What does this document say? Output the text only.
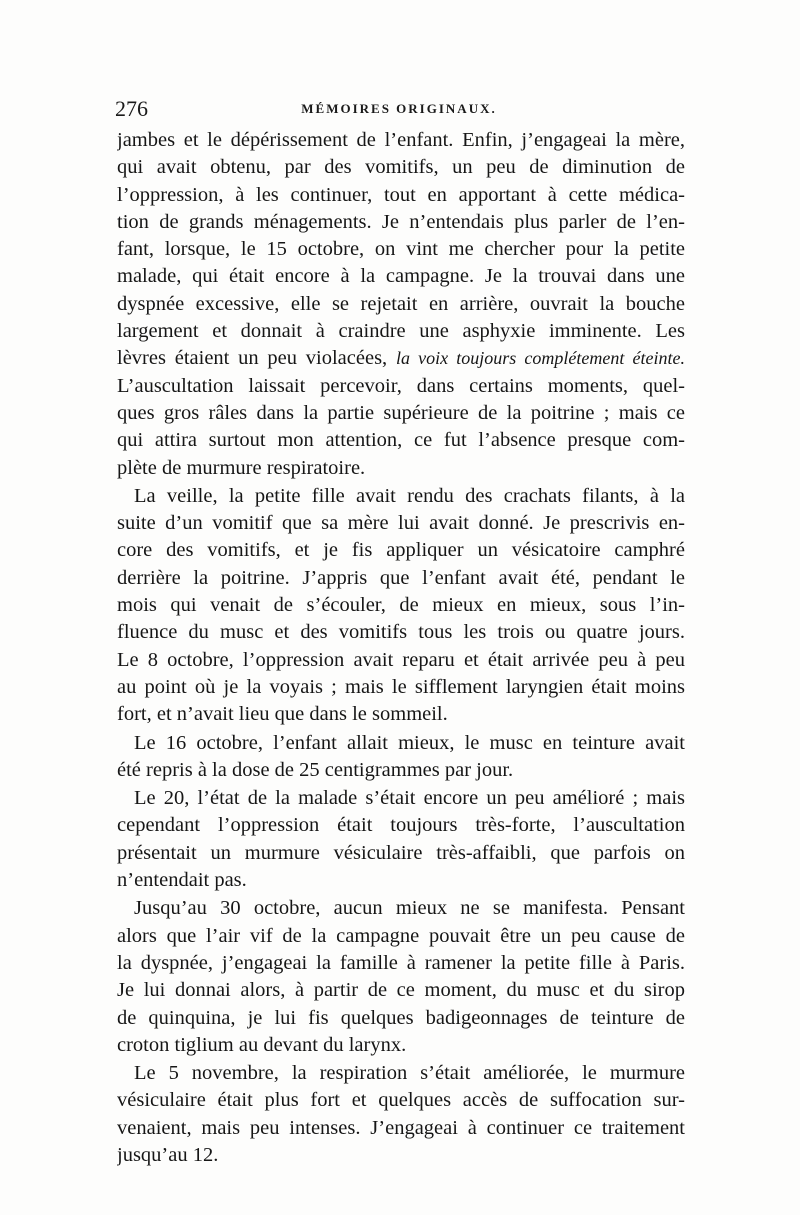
276	MÉMOIRES ORIGINAUX.
jambes et le dépérissement de l’enfant. Enfin, j’engageai la mère,
qui avait obtenu, par des vomitifs, un peu de diminution de
l’oppression, à les continuer, tout en apportant à cette médica-
tion de grands ménagements. Je n’entendais plus parler de l’en-
fant, lorsque, le 15 octobre, on vint me chercher pour la petite
malade, qui était encore à la campagne. Je la trouvai dans une
dyspnée excessive, elle se rejetait en arrière, ouvrait la bouche
largement et donnait à craindre une asphyxie imminente. Les
lèvres étaient un peu violacées, la voix toujours complétement éteinte.
L’auscultation laissait percevoir, dans certains moments, quel-
ques gros râles dans la partie supérieure de la poitrine ; mais ce
qui attira surtout mon attention, ce fut l’absence presque com-
plète de murmure respiratoire.
La veille, la petite fille avait rendu des crachats filants, à la
suite d’un vomitif que sa mère lui avait donné. Je prescrivis en-
core des vomitifs, et je fis appliquer un vésicatoire camphré
derrière la poitrine. J’appris que l’enfant avait été, pendant le
mois qui venait de s’écouler, de mieux en mieux, sous l’in-
fluence du musc et des vomitifs tous les trois ou quatre jours.
Le 8 octobre, l’oppression avait reparu et était arrivée peu à peu
au point où je la voyais ; mais le sifflement laryngien était moins
fort, et n’avait lieu que dans le sommeil.
Le 16 octobre, l’enfant allait mieux, le musc en teinture avait
été repris à la dose de 25 centigrammes par jour.
Le 20, l’état de la malade s’était encore un peu amélioré ; mais
cependant l’oppression était toujours très-forte, l’auscultation
présentait un murmure vésiculaire très-affaibli, que parfois on
n’entendait pas.
Jusqu’au 30 octobre, aucun mieux ne se manifesta. Pensant
alors que l’air vif de la campagne pouvait être un peu cause de
la dyspnée, j’engageai la famille à ramener la petite fille à Paris.
Je lui donnai alors, à partir de ce moment, du musc et du sirop
de quinquina, je lui fis quelques badigeonnages de teinture de
croton tiglium au devant du larynx.
Le 5 novembre, la respiration s’était améliorée, le murmure
vésiculaire était plus fort et quelques accès de suffocation sur-
venaient, mais peu intenses. J’engageai à continuer ce traitement
jusqu’au 12.
